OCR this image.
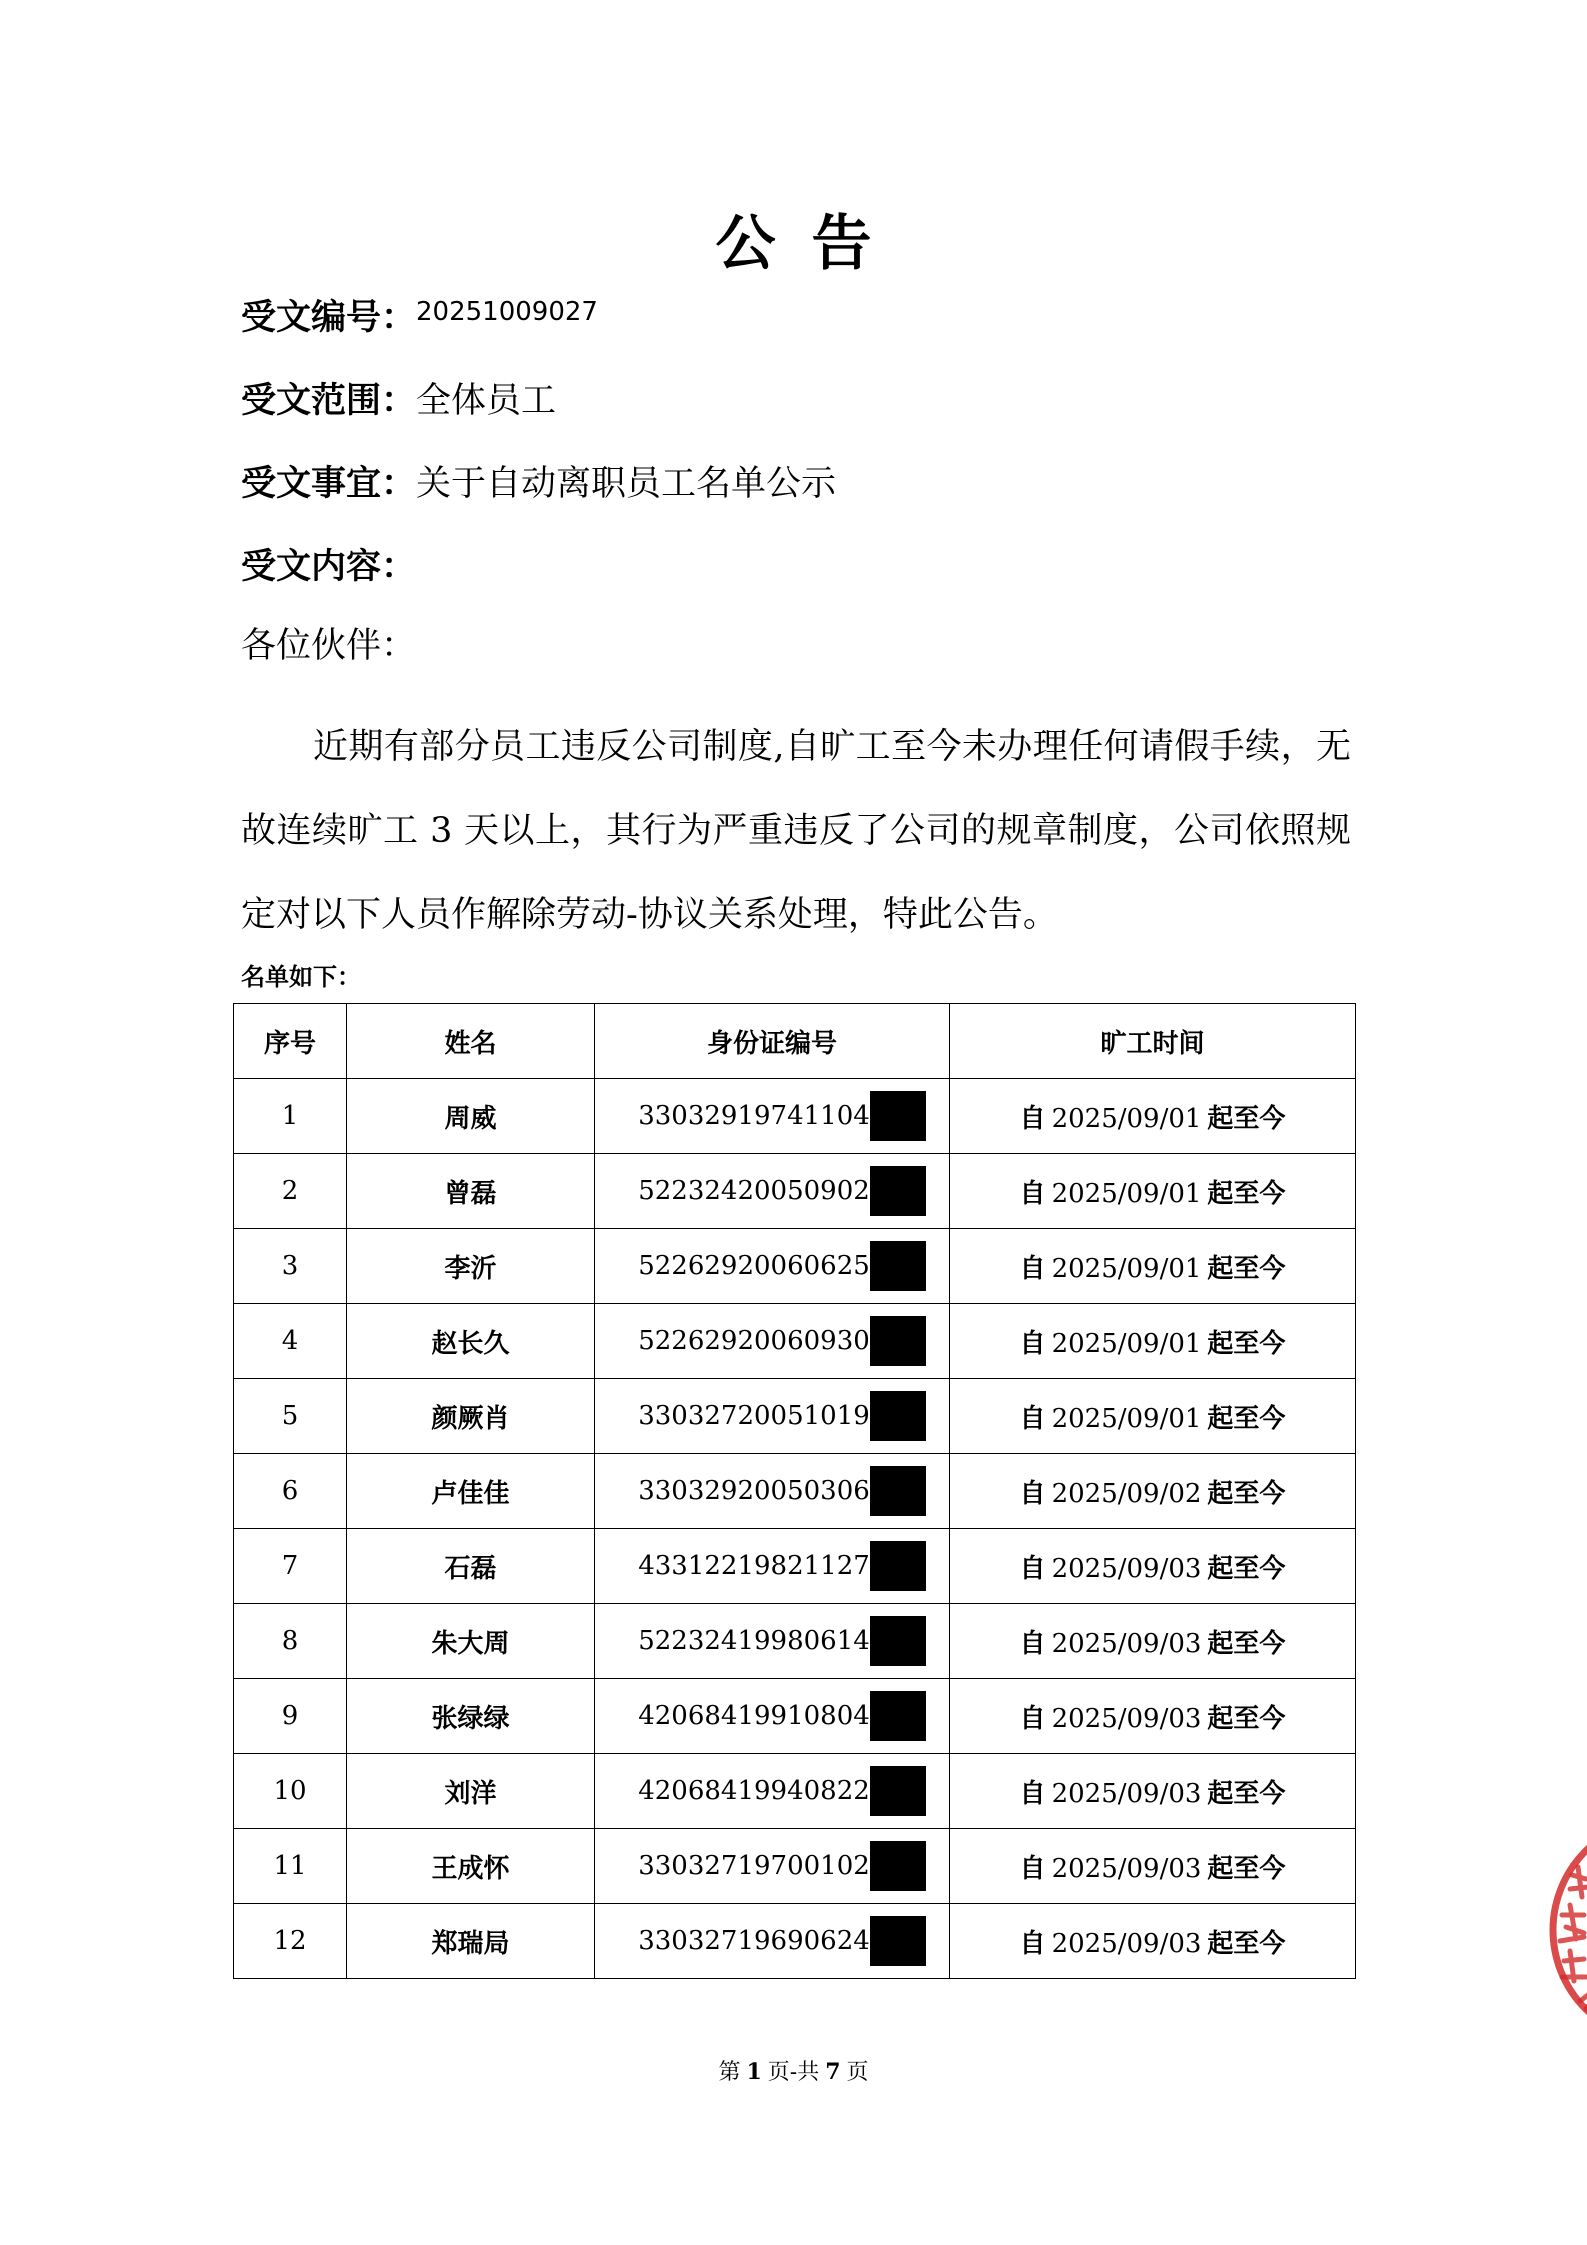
公告
受文编号：$^{20251009027}$
受文范围：全体员工
受文事宜：关于自动离职员工名单公示
受文内容：
各位伙伴：
近期有部分员工违反公司制度,自旷工至今未办理任何请假手续，无故连续旷工 3 天以上，其行为严重违反了公司的规章制度，公司依照规定对以下人员作解除劳动-协议关系处理，特此公告。
名单如下：
序号	姓名	身份证编号	旷工时间
1	周威	33032919741104	自 2025/09/01 起至今
2	曾磊	52232420050902	自 2025/09/01 起至今
3	李沂	52262920060625	自 2025/09/01 起至今
4	赵长久	52262920060930	自 2025/09/01 起至今
5	颜厥肖	33032720051019	自 2025/09/01 起至今
6	卢佳佳	33032920050306	自 2025/09/02 起至今
7	石磊	43312219821127	自 2025/09/03 起至今
8	朱大周	52232419980614	自 2025/09/03 起至今
9	张绿绿	42068419910804	自 2025/09/03 起至今
10	刘洋	42068419940822	自 2025/09/03 起至今
11	王成怀	33032719700102	自 2025/09/03 起至今
12	郑瑞局	33032719690624	自 2025/09/03 起至今
第 1 页-共 7 页
